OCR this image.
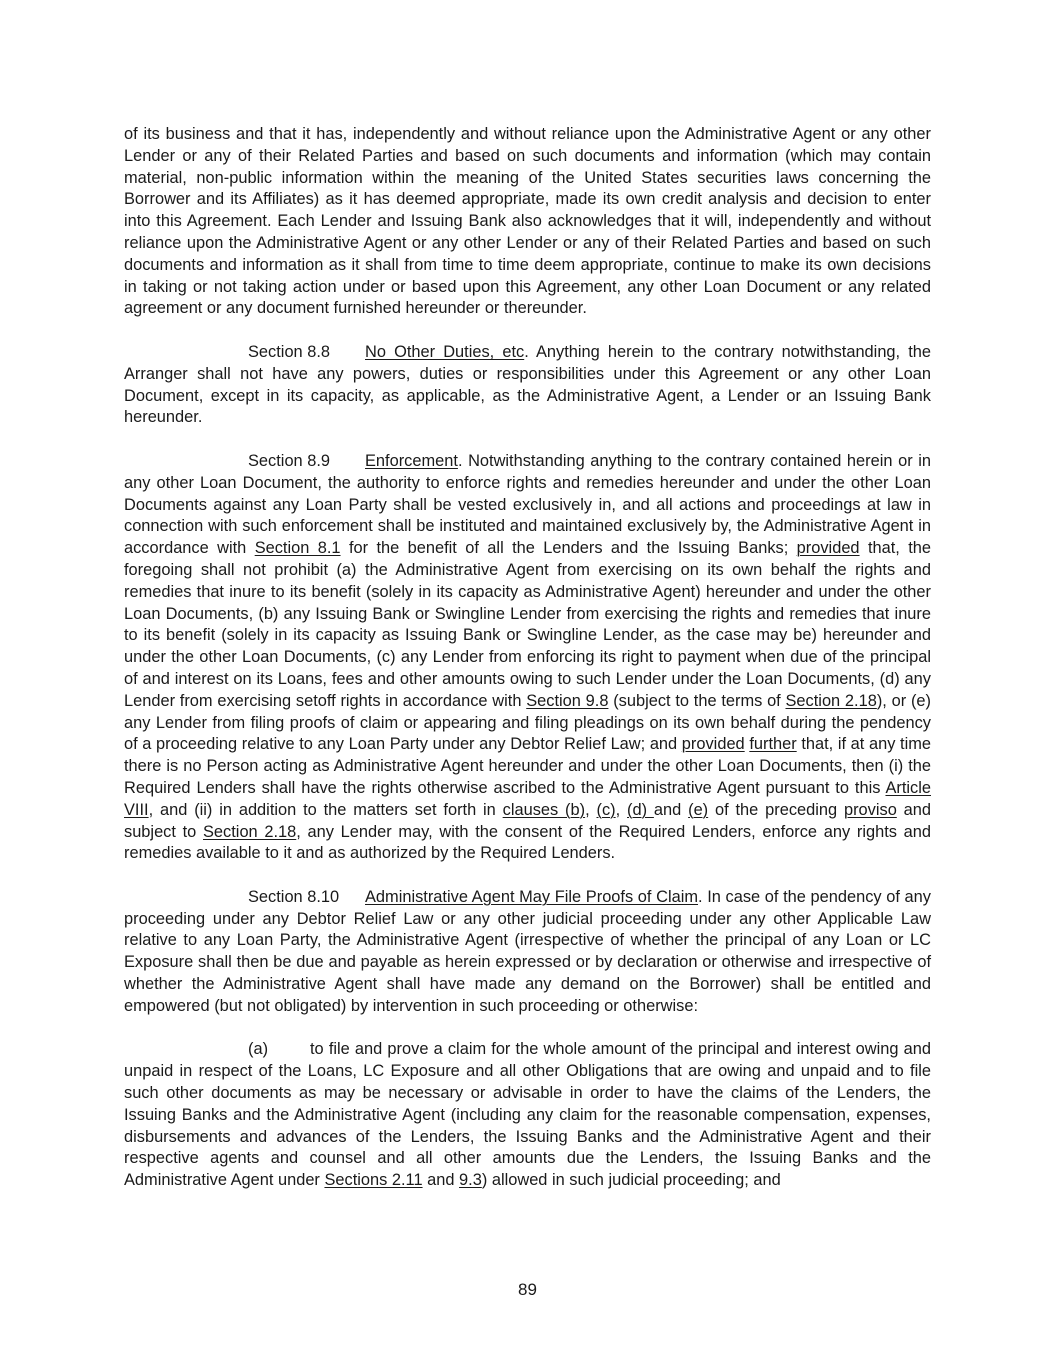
of its business and that it has, independently and without reliance upon the Administrative Agent or any other Lender or any of their Related Parties and based on such documents and information (which may contain material, non-public information within the meaning of the United States securities laws concerning the Borrower and its Affiliates) as it has deemed appropriate, made its own credit analysis and decision to enter into this Agreement. Each Lender and Issuing Bank also acknowledges that it will, independently and without reliance upon the Administrative Agent or any other Lender or any of their Related Parties and based on such documents and information as it shall from time to time deem appropriate, continue to make its own decisions in taking or not taking action under or based upon this Agreement, any other Loan Document or any related agreement or any document furnished hereunder or thereunder.

Section 8.8 No Other Duties, etc. Anything herein to the contrary notwithstanding, the Arranger shall not have any powers, duties or responsibilities under this Agreement or any other Loan Document, except in its capacity, as applicable, as the Administrative Agent, a Lender or an Issuing Bank hereunder.

Section 8.9 Enforcement. Notwithstanding anything to the contrary contained herein or in any other Loan Document, the authority to enforce rights and remedies hereunder and under the other Loan Documents against any Loan Party shall be vested exclusively in, and all actions and proceedings at law in connection with such enforcement shall be instituted and maintained exclusively by, the Administrative Agent in accordance with Section 8.1 for the benefit of all the Lenders and the Issuing Banks; provided that, the foregoing shall not prohibit (a) the Administrative Agent from exercising on its own behalf the rights and remedies that inure to its benefit (solely in its capacity as Administrative Agent) hereunder and under the other Loan Documents, (b) any Issuing Bank or Swingline Lender from exercising the rights and remedies that inure to its benefit (solely in its capacity as Issuing Bank or Swingline Lender, as the case may be) hereunder and under the other Loan Documents, (c) any Lender from enforcing its right to payment when due of the principal of and interest on its Loans, fees and other amounts owing to such Lender under the Loan Documents, (d) any Lender from exercising setoff rights in accordance with Section 9.8 (subject to the terms of Section 2.18), or (e) any Lender from filing proofs of claim or appearing and filing pleadings on its own behalf during the pendency of a proceeding relative to any Loan Party under any Debtor Relief Law; and provided further that, if at any time there is no Person acting as Administrative Agent hereunder and under the other Loan Documents, then (i) the Required Lenders shall have the rights otherwise ascribed to the Administrative Agent pursuant to this Article VIII, and (ii) in addition to the matters set forth in clauses (b), (c), (d) and (e) of the preceding proviso and subject to Section 2.18, any Lender may, with the consent of the Required Lenders, enforce any rights and remedies available to it and as authorized by the Required Lenders.

Section 8.10 Administrative Agent May File Proofs of Claim. In case of the pendency of any proceeding under any Debtor Relief Law or any other judicial proceeding under any other Applicable Law relative to any Loan Party, the Administrative Agent (irrespective of whether the principal of any Loan or LC Exposure shall then be due and payable as herein expressed or by declaration or otherwise and irrespective of whether the Administrative Agent shall have made any demand on the Borrower) shall be entitled and empowered (but not obligated) by intervention in such proceeding or otherwise:

(a)	to file and prove a claim for the whole amount of the principal and interest owing and unpaid in respect of the Loans, LC Exposure and all other Obligations that are owing and unpaid and to file such other documents as may be necessary or advisable in order to have the claims of the Lenders, the Issuing Banks and the Administrative Agent (including any claim for the reasonable compensation, expenses, disbursements and advances of the Lenders, the Issuing Banks and the Administrative Agent and their respective agents and counsel and all other amounts due the Lenders, the Issuing Banks and the Administrative Agent under Sections 2.11 and 9.3) allowed in such judicial proceeding; and

89
